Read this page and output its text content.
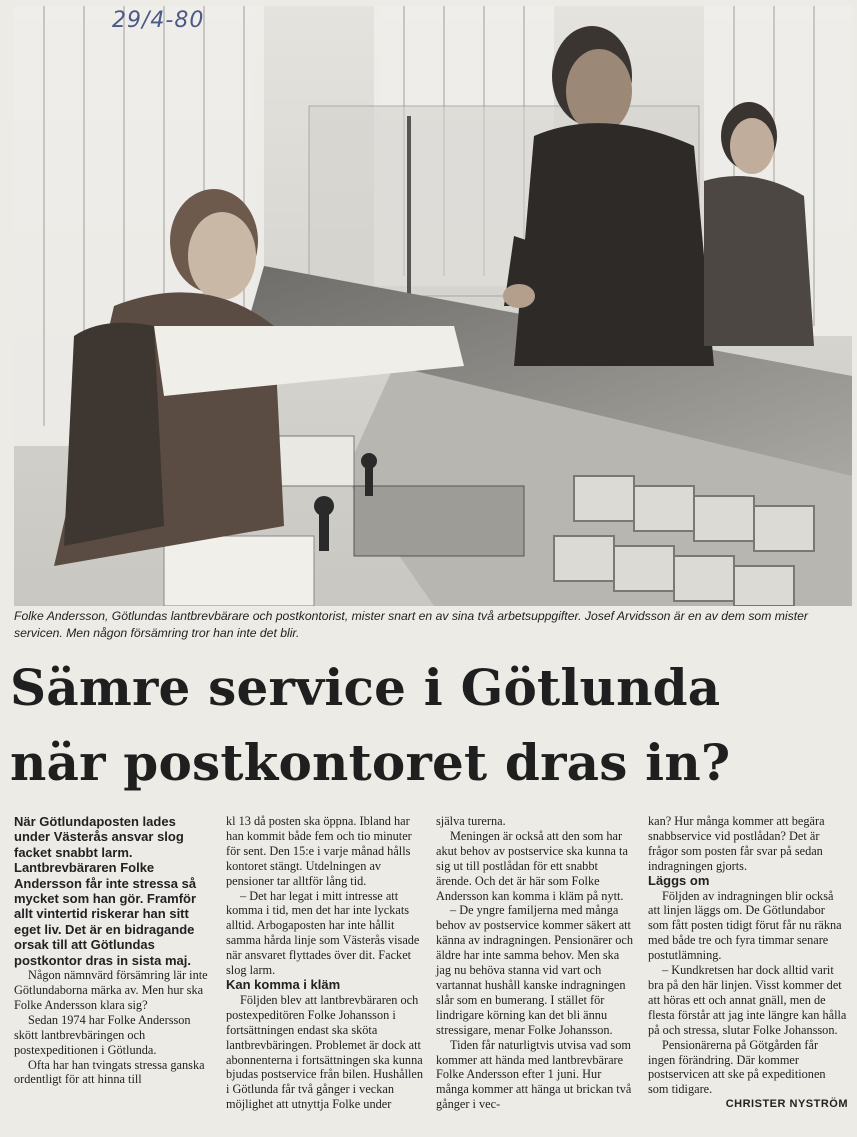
29/4-80
Folke Andersson, Götlundas lantbrevbärare och postkontorist, mister snart en av sina två arbetsuppgifter. Josef Arvidsson är en av dem som mister servicen. Men någon försämring tror han inte det blir.
Sämre service i Götlunda
när postkontoret dras in?

När Götlundaposten lades under Västerås ansvar slog facket snabbt larm. Lantbrevbäraren Folke Andersson får inte stressa så mycket som han gör. Framför allt vintertid riskerar han sitt eget liv. Det är en bidragande orsak till att Götlundas postkontor dras in sista maj.

Någon nämnvärd försämring lär inte Götlundaborna märka av. Men hur ska Folke Andersson klara sig?

Sedan 1974 har Folke Andersson skött lantbrevbäringen och postexpeditionen i Götlunda.

Ofta har han tvingats stressa ganska ordentligt för att hinna till

kl 13 då posten ska öppna. Ibland har han kommit både fem och tio minuter för sent. Den 15:e i varje månad hålls kontoret stängt. Utdelningen av pensioner tar alltför lång tid.

– Det har legat i mitt intresse att komma i tid, men det har inte lyckats alltid. Arbogaposten har inte hållit samma hårda linje som Västerås visade när ansvaret flyttades över dit. Facket slog larm.

Kan komma i kläm

Följden blev att lantbrevbäraren och postexpeditören Folke Johansson i fortsättningen endast ska sköta lantbrevbäringen. Problemet är dock att abonnenterna i fortsättningen ska kunna bjudas postservice från bilen. Hushållen i Götlunda får två gånger i veckan möjlighet att utnyttja Folke under

själva turerna.

Meningen är också att den som har akut behov av postservice ska kunna ta sig ut till postlådan för ett snabbt ärende. Och det är här som Folke Andersson kan komma i kläm på nytt.

– De yngre familjerna med många behov av postservice kommer säkert att känna av indragningen. Pensionärer och äldre har inte samma behov. Men ska jag nu behöva stanna vid vart och vartannat hushåll kanske indragningen slår som en bumerang. I stället för lindrigare körning kan det bli ännu stressigare, menar Folke Johansson.

Tiden får naturligtvis utvisa vad som kommer att hända med lantbrevbärare Folke Andersson efter 1 juni. Hur många kommer att hänga ut brickan två gånger i vec-

kan? Hur många kommer att begära snabbservice vid postlådan? Det är frågor som posten får svar på sedan indragningen gjorts.

Läggs om

Följden av indragningen blir också att linjen läggs om. De Götlundabor som fått posten tidigt förut får nu räkna med både tre och fyra timmar senare postutlämning.

– Kundkretsen har dock alltid varit bra på den här linjen. Visst kommer det att höras ett och annat gnäll, men de flesta förstår att jag inte längre kan hålla på och stressa, slutar Folke Johansson.

Pensionärerna på Götgården får ingen förändring. Där kommer postservicen att ske på expeditionen som tidigare.

CHRISTER NYSTRÖM
